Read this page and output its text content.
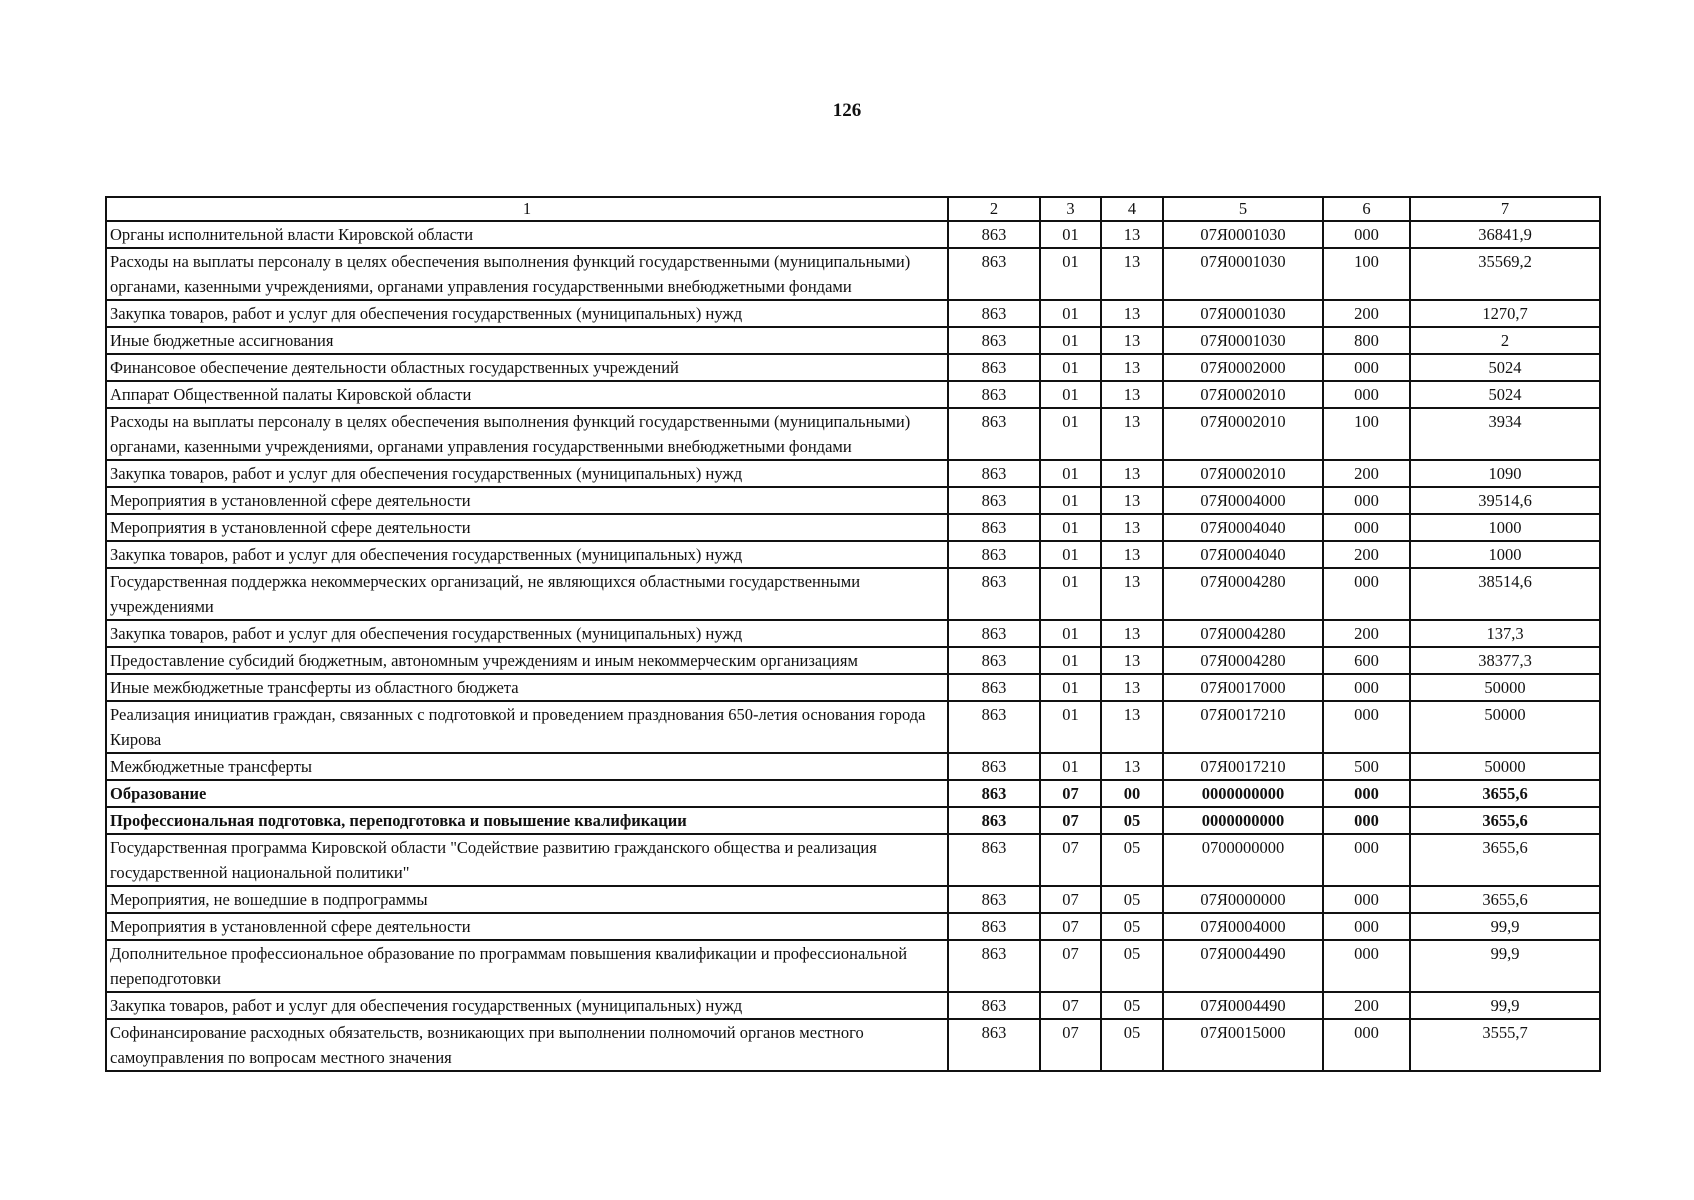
126
1	2	3	4	5	6	7
Органы исполнительной власти Кировской области	863	01	13	07Я0001030	000	36841,9
Расходы на выплаты персоналу в целях обеспечения выполнения функций государственными (муниципальными) органами, казенными учреждениями, органами управления государственными внебюджетными фондами	863	01	13	07Я0001030	100	35569,2
Закупка товаров, работ и услуг для обеспечения государственных (муниципальных) нужд	863	01	13	07Я0001030	200	1270,7
Иные бюджетные ассигнования	863	01	13	07Я0001030	800	2
Финансовое обеспечение деятельности областных государственных учреждений	863	01	13	07Я0002000	000	5024
Аппарат Общественной палаты Кировской области	863	01	13	07Я0002010	000	5024
Расходы на выплаты персоналу в целях обеспечения выполнения функций государственными (муниципальными) органами, казенными учреждениями, органами управления государственными внебюджетными фондами	863	01	13	07Я0002010	100	3934
Закупка товаров, работ и услуг для обеспечения государственных (муниципальных) нужд	863	01	13	07Я0002010	200	1090
Мероприятия в установленной сфере деятельности	863	01	13	07Я0004000	000	39514,6
Мероприятия в установленной сфере деятельности	863	01	13	07Я0004040	000	1000
Закупка товаров, работ и услуг для обеспечения государственных (муниципальных) нужд	863	01	13	07Я0004040	200	1000
Государственная поддержка некоммерческих организаций, не являющихся областными государственными учреждениями	863	01	13	07Я0004280	000	38514,6
Закупка товаров, работ и услуг для обеспечения государственных (муниципальных) нужд	863	01	13	07Я0004280	200	137,3
Предоставление субсидий бюджетным, автономным учреждениям и иным некоммерческим организациям	863	01	13	07Я0004280	600	38377,3
Иные межбюджетные трансферты из областного бюджета	863	01	13	07Я0017000	000	50000
Реализация инициатив граждан, связанных с подготовкой и проведением празднования 650-летия основания города Кирова	863	01	13	07Я0017210	000	50000
Межбюджетные трансферты	863	01	13	07Я0017210	500	50000
Образование	863	07	00	0000000000	000	3655,6
Профессиональная подготовка, переподготовка и повышение квалификации	863	07	05	0000000000	000	3655,6
Государственная программа Кировской области "Содействие развитию гражданского общества и реализация государственной национальной политики"	863	07	05	0700000000	000	3655,6
Мероприятия, не вошедшие в подпрограммы	863	07	05	07Я0000000	000	3655,6
Мероприятия в установленной сфере деятельности	863	07	05	07Я0004000	000	99,9
Дополнительное профессиональное образование по программам повышения квалификации и профессиональной переподготовки	863	07	05	07Я0004490	000	99,9
Закупка товаров, работ и услуг для обеспечения государственных (муниципальных) нужд	863	07	05	07Я0004490	200	99,9
Софинансирование расходных обязательств, возникающих при выполнении полномочий органов местного самоуправления по вопросам местного значения	863	07	05	07Я0015000	000	3555,7
